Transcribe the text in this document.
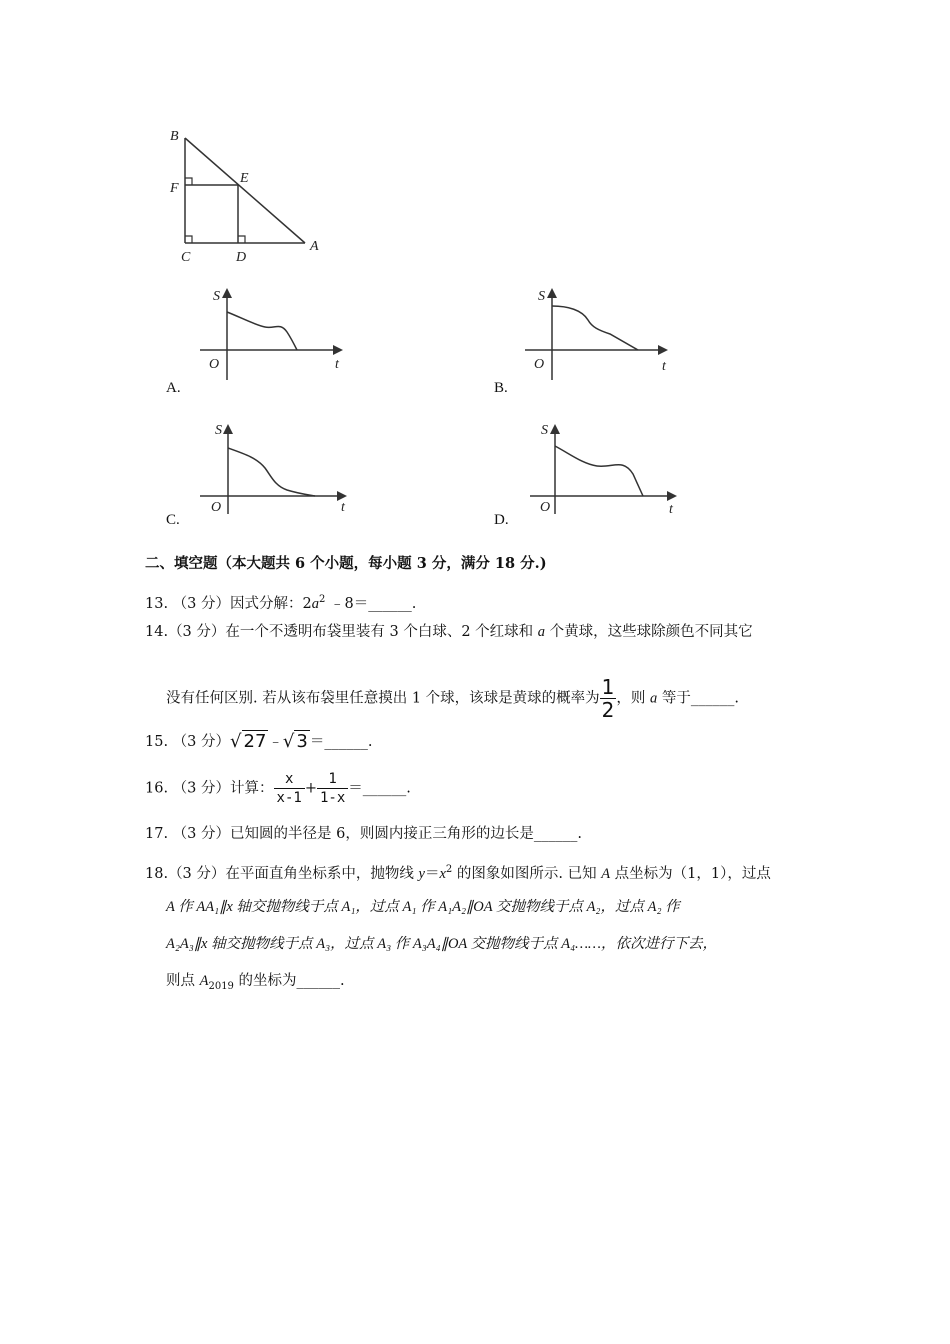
B
F
E
C	D
A
S
O	t
A.
S
O	t
B.
S
O	t
C.
S
O	t
D.
二、填空题（本大题共 6 个小题，每小题 3 分，满分 18 分.)
13. （3 分）因式分解：$2a^2$ ﹣8＝______.
14.（3 分）在一个不透明布袋里装有 3 个白球、2 个红球和 a 个黄球，这些球除颜色不同其它
没有任何区别. 若从该布袋里任意摸出 1 个球，该球是黄球的概率为 $\frac{1}{2}$ ，则 a 等于______.
15. （3 分）√ 27 ﹣√ 3 ＝______.
16. （3 分）计算： $\frac{x}{x-1} + \frac{1}{1-x}$ ＝______.
17. （3 分）已知圆的半径是 6，则圆内接正三角形的边长是______.
18.（3 分）在平面直角坐标系中，抛物线 $y=x^2$ 的图象如图所示. 已知 A 点坐标为（1，1），过点
A 作 AA₁∥x 轴交抛物线于点 A₁，过点 A₁ 作 A₁A₂∥OA 交抛物线于点 A₂，过点 A₂ 作
A₂A₃∥x 轴交抛物线于点 A₃，过点 A₃ 作 A₃A₄∥OA 交抛物线于点 A₄……，依次进行下去，
则点 $A_{2019}$ 的坐标为______.
